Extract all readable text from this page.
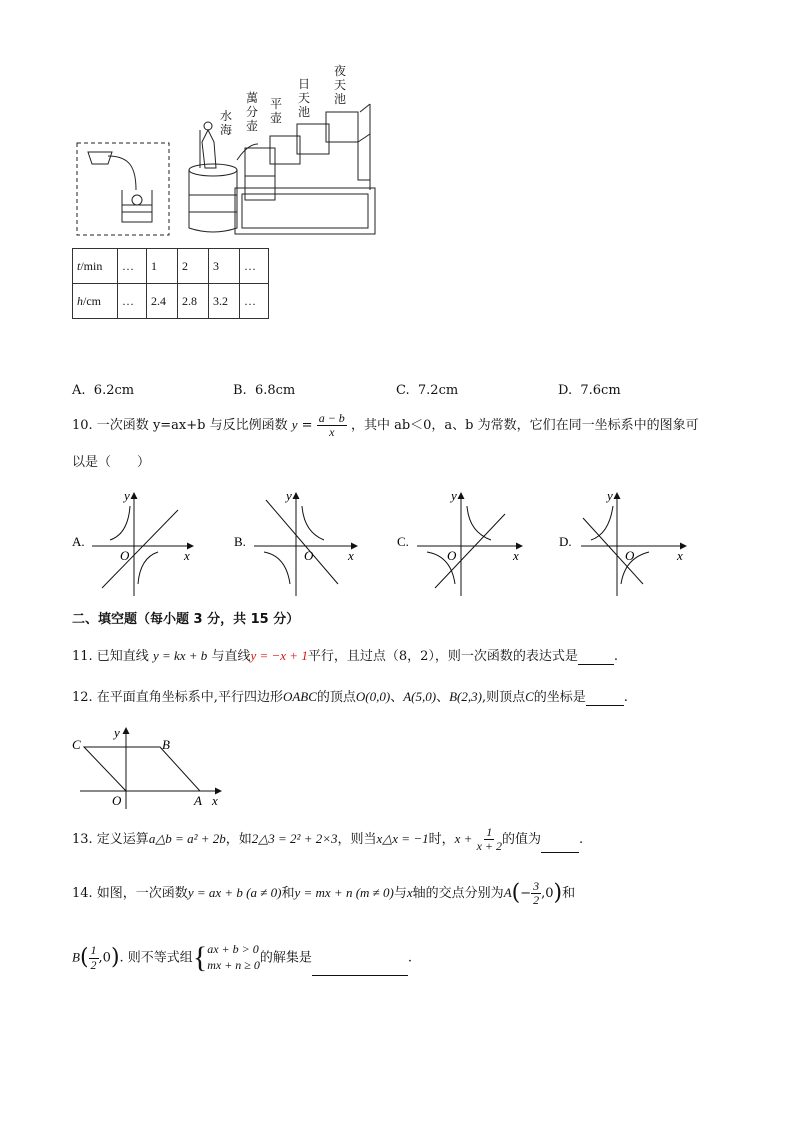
夜天池
日天池
平壶
萬分壶
水海
t/min	…	1	2	3	…
h/cm	…	2.4	2.8	3.2	…
A. 6.2cm	B. 6.8cm	C. 7.2cm	D. 7.6cm
10. 一次函数 y=ax+b 与反比例函数 $y = \frac{a - b}{x}$ ，其中 ab＜0，a、b 为常数，它们在同一坐标系中的图象可
以是（　　）
A.
y
x
O
B.
y
x
O
C.
y
x
O
D.
y
x
O
二、填空题（每小题 3 分，共 15 分）
11. 已知直线 y = kx + b 与直线y = −x + 1平行，且过点（8，2），则一次函数的表达式是	.
12. 在平面直角坐标系中,平行四边形OABC的顶点O(0,0)、A(5,0)、B(2,3),则顶点C的坐标是	.
C	B
y
O	A x
13. 定义运算a△b = a² + 2b，如2△3 = 2² + 2×3，则当x△x = −1时，$x + \frac{1}{x + 2}$ 的值为	.
14. 如图，一次函数y = ax + b (a ≠ 0)和y = mx + n (m ≠ 0)与x轴的交点分别为$A(- \frac{3}{2} ,0)$和
$B( \frac{1}{2} ,0)$. 则不等式组{ ax + b > 0
mx + n ≥ 0 的解集是	.
